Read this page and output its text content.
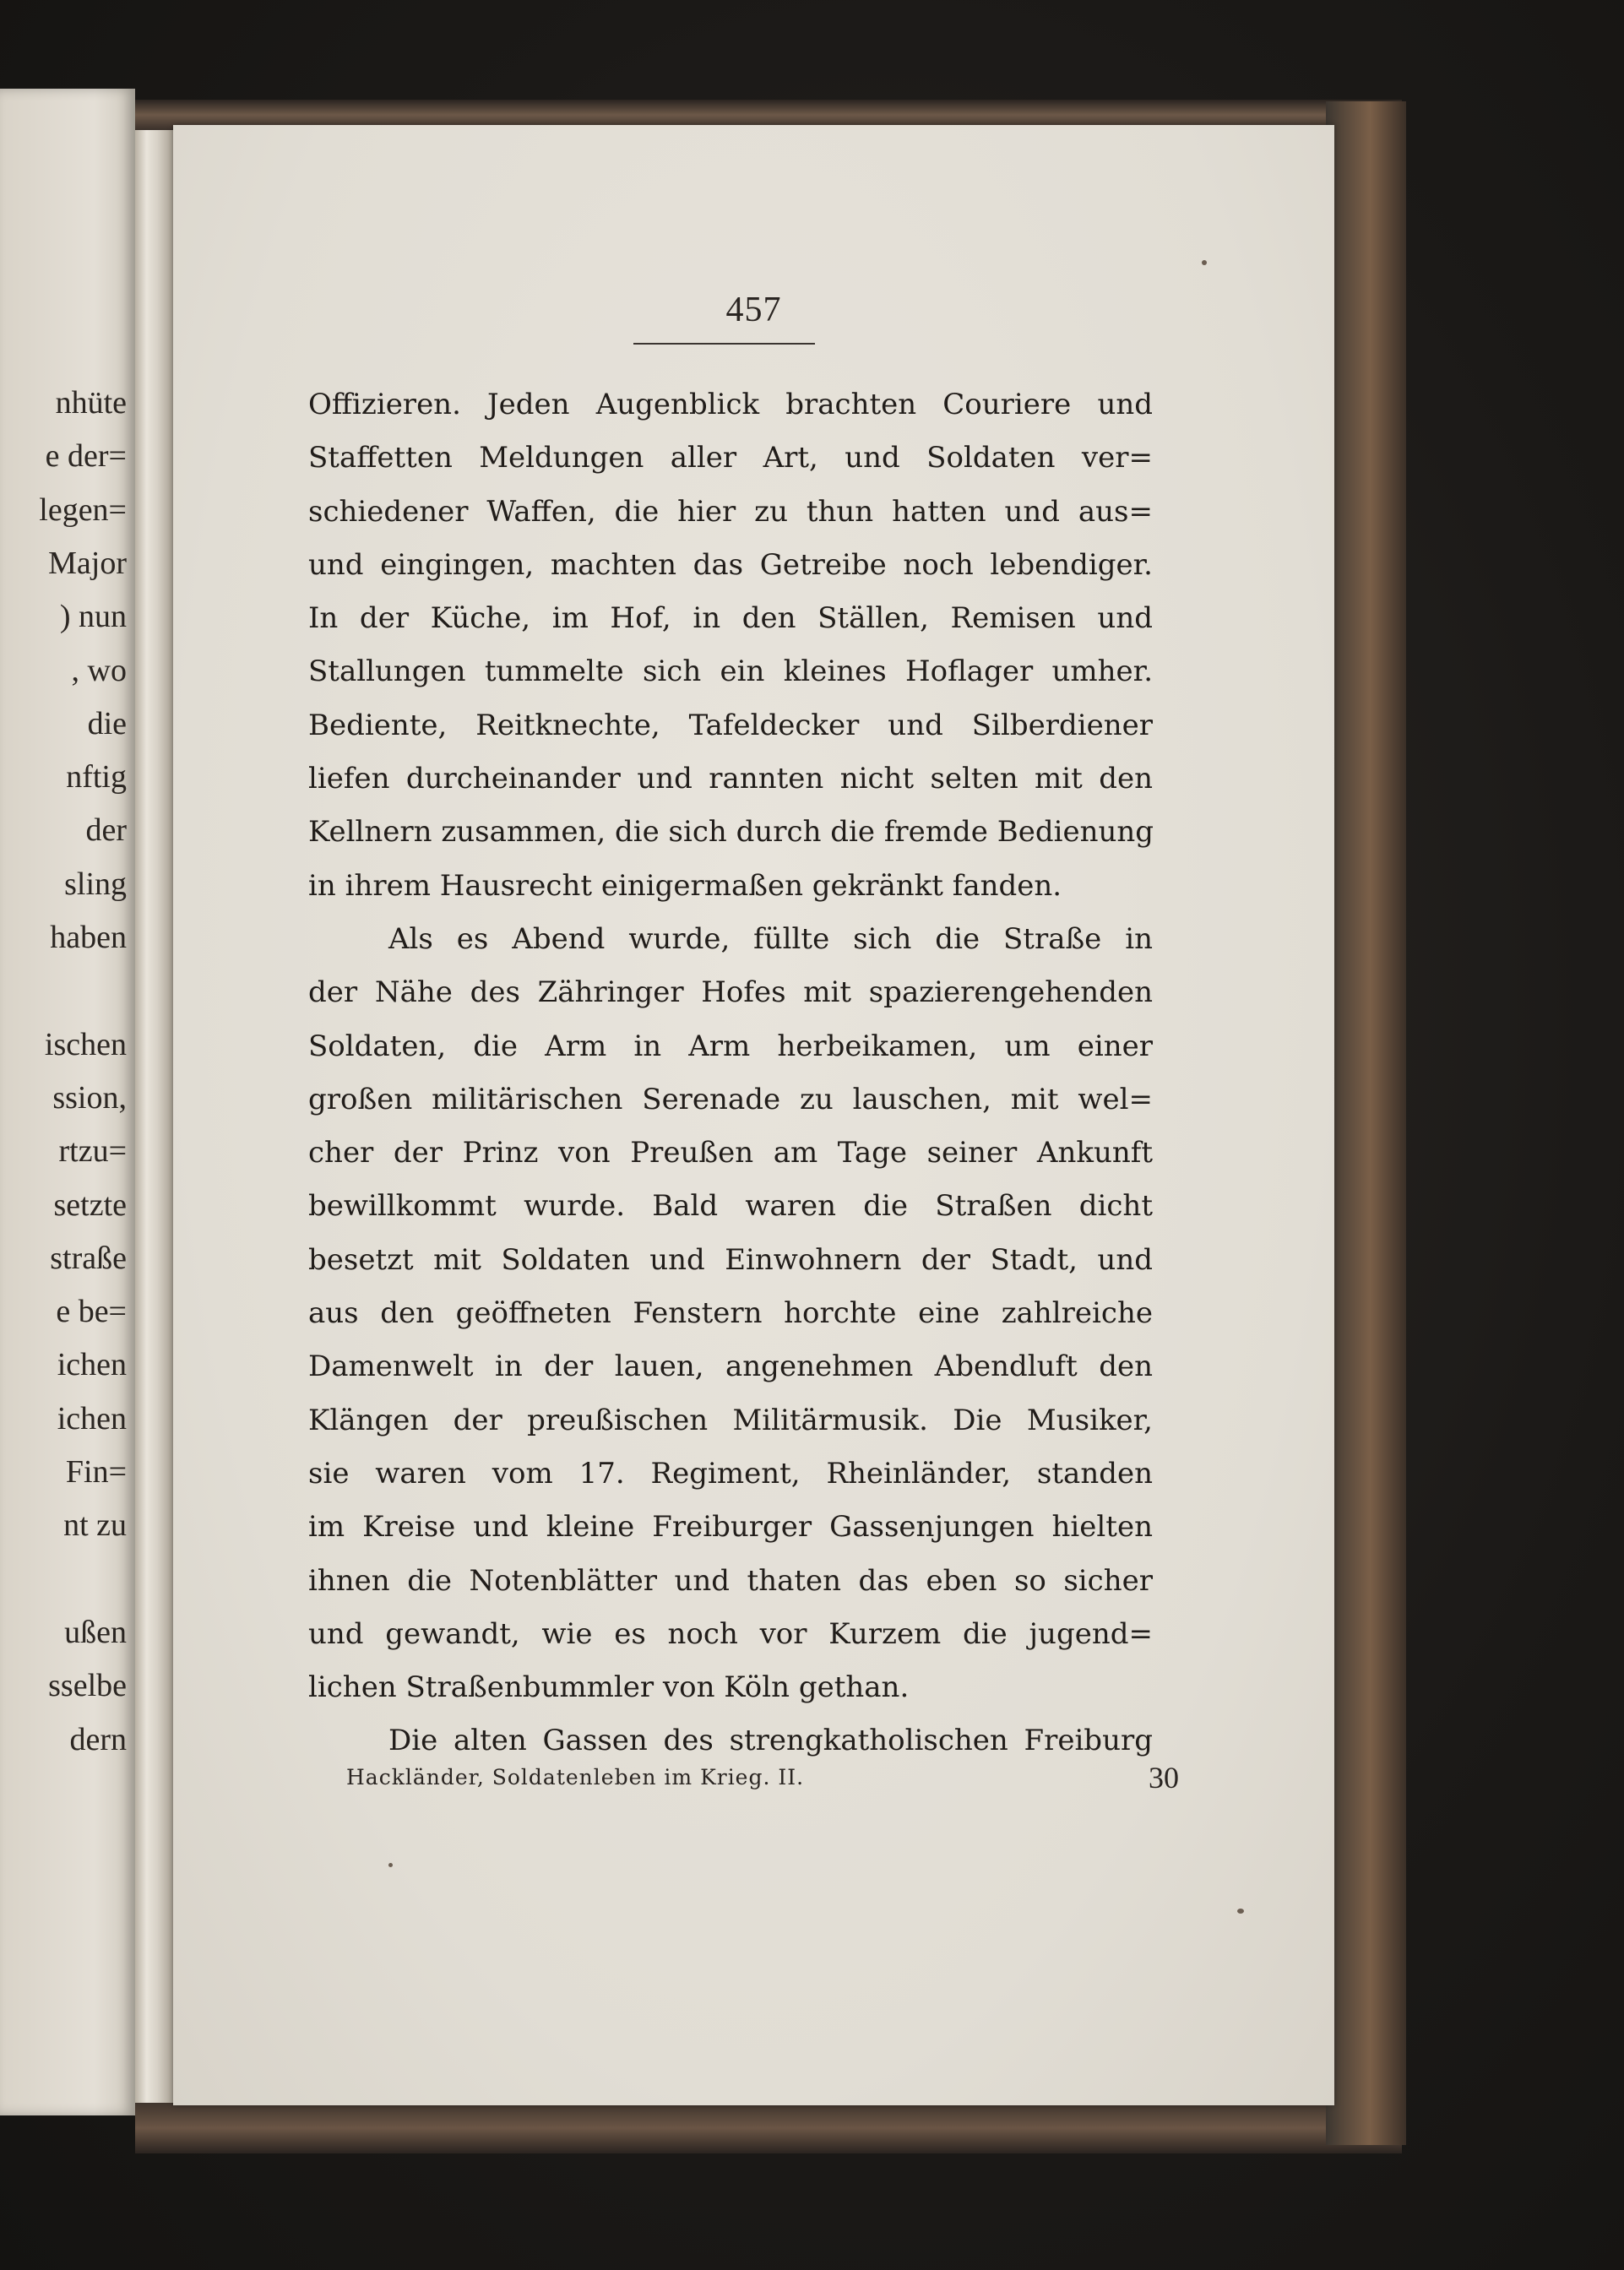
nhüte
e der=
legen=
Major
) nun
, wo
die
nftig
der
sling
haben
ischen
ssion,
rtzu=
setzte
straße
e be=
ichen
ichen
Fin=
nt zu
ußen
sselbe
dern
457
Offizieren. Jeden Augenblick brachten Couriere und
Staffetten Meldungen aller Art, und Soldaten ver=
schiedener Waffen, die hier zu thun hatten und aus=
und eingingen, machten das Getreibe noch lebendiger.
In der Küche, im Hof, in den Ställen, Remisen und
Stallungen tummelte sich ein kleines Hoflager umher.
Bediente, Reitknechte, Tafeldecker und Silberdiener
liefen durcheinander und rannten nicht selten mit den
Kellnern zusammen, die sich durch die fremde Bedienung
in ihrem Hausrecht einigermaßen gekränkt fanden.
Als es Abend wurde, füllte sich die Straße in
der Nähe des Zähringer Hofes mit spazierengehenden
Soldaten, die Arm in Arm herbeikamen, um einer
großen militärischen Serenade zu lauschen, mit wel=
cher der Prinz von Preußen am Tage seiner Ankunft
bewillkommt wurde. Bald waren die Straßen dicht
besetzt mit Soldaten und Einwohnern der Stadt, und
aus den geöffneten Fenstern horchte eine zahlreiche
Damenwelt in der lauen, angenehmen Abendluft den
Klängen der preußischen Militärmusik. Die Musiker,
sie waren vom 17. Regiment, Rheinländer, standen
im Kreise und kleine Freiburger Gassenjungen hielten
ihnen die Notenblätter und thaten das eben so sicher
und gewandt, wie es noch vor Kurzem die jugend=
lichen Straßenbummler von Köln gethan.
Die alten Gassen des strengkatholischen Freiburg
Hackländer, Soldatenleben im Krieg. II.	30
